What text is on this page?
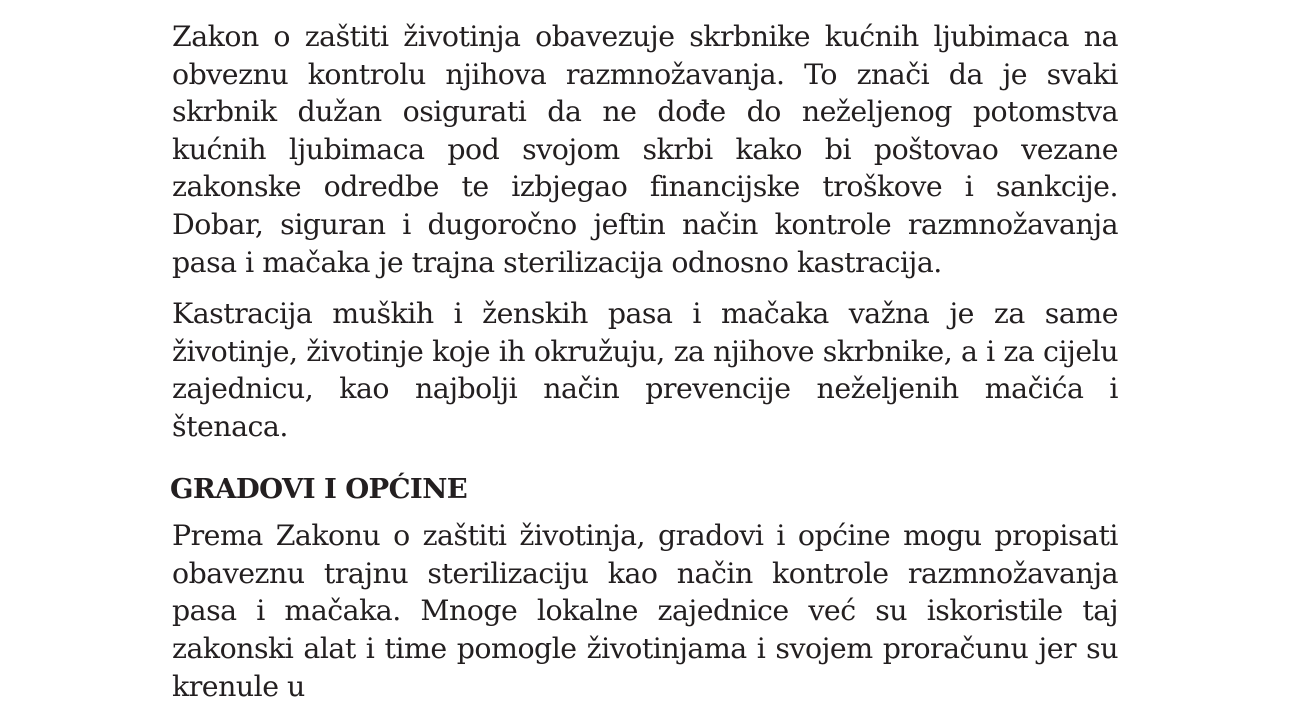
Zakon o zaštiti životinja obavezuje skrbnike kućnih ljubimaca na obveznu kontrolu njihova razmnožavanja. To znači da je svaki skrbnik dužan osigurati da ne dođe do neželjenog potomstva kućnih ljubimaca pod svojom skrbi kako bi poštovao vezane zakonske odredbe te izbjegao financijske troškove i sankcije. Dobar, siguran i dugoročno jeftin način kontrole razmnožavanja pasa i mačaka je trajna sterilizacija odnosno kastracija.

Kastracija muških i ženskih pasa i mačaka važna je za same životinje, životinje koje ih okružuju, za njihove skrbnike, a i za cijelu zajednicu, kao najbolji način prevencije neželjenih mačića i štenaca.

GRADOVI I OPĆINE

Prema Zakonu o zaštiti životinja, gradovi i općine mogu propisati obaveznu trajnu sterilizaciju kao način kontrole razmnožavanja pasa i mačaka. Mnoge lokalne zajednice već su iskoristile taj zakonski alat i time pomogle životinjama i svojem proračunu jer su krenule u
